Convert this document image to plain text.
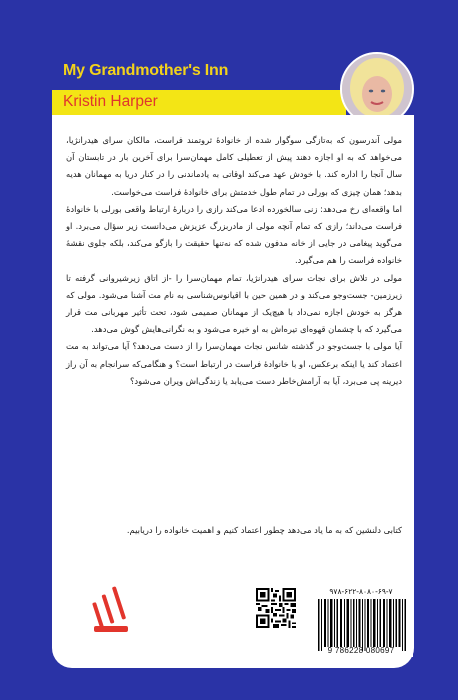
My Grandmother's Inn
Kristin Harper

مولی آندرسون که به‌تازگی سوگوار شده از خانوادهٔ ثروتمند فراست، مالکان سرای هیدرانژیا، می‌خواهد که به او اجازه دهند پیش از تعطیلی کامل مهمان‌سرا برای آخرین بار در تابستان آن سال آنجا را اداره کند. با خودش عهد می‌کند اوقاتی به یادماندنی را در کنار دریا به مهمانان هدیه بدهد؛ همان چیزی که بورلی در تمام طول خدمتش برای خانوادهٔ فراست می‌خواست.

اما واقعه‌ای رخ می‌دهد: زنی سالخورده ادعا می‌کند رازی را دربارهٔ ارتباط واقعی بورلی با خانوادهٔ فراست می‌داند؛ رازی که تمام آنچه مولی از مادربزرگ عزیزش می‌دانست زیر سؤال می‌برد. او می‌گوید پیغامی در جایی از خانه مدفون شده که نه‌تنها حقیقت را بازگو می‌کند، بلکه جلوی نقشهٔ خانواده فراست را هم می‌گیرد.

مولی در تلاش برای نجات سرای هیدرانژیا، تمام مهمان‌سرا را -از اتاق زیرشیروانی گرفته تا زیرزمین- جست‌وجو می‌کند و در همین حین با اقیانوس‌شناسی به نام مت آشنا می‌شود. مولی که هرگز به خودش اجازه نمی‌داد با هیچ‌یک از مهمانان صمیمی شود، تحت تأثیر مهربانی مت قرار می‌گیرد که با چشمان قهوه‌ای تیره‌اش به او خیره می‌شود و به نگرانی‌هایش گوش می‌دهد.

آیا مولی با جست‌وجو در گذشته شانس نجات مهمان‌سرا را از دست می‌دهد؟ آیا می‌تواند به مت اعتماد کند یا اینکه برعکس، او با خانوادهٔ فراست در ارتباط است؟ و هنگامی‌که سرانجام به آن راز دیرینه پی می‌برد، آیا به آرامش‌خاطر دست می‌یابد یا زندگی‌اش ویران می‌شود؟

کتابی دلنشین که به ما یاد می‌دهد چطور اعتماد کنیم و اهمیت خانواده را دریابیم.

۹۷۸-۶۲۲-۸۰۸۰-۶۹-۷

9 786228 080697
